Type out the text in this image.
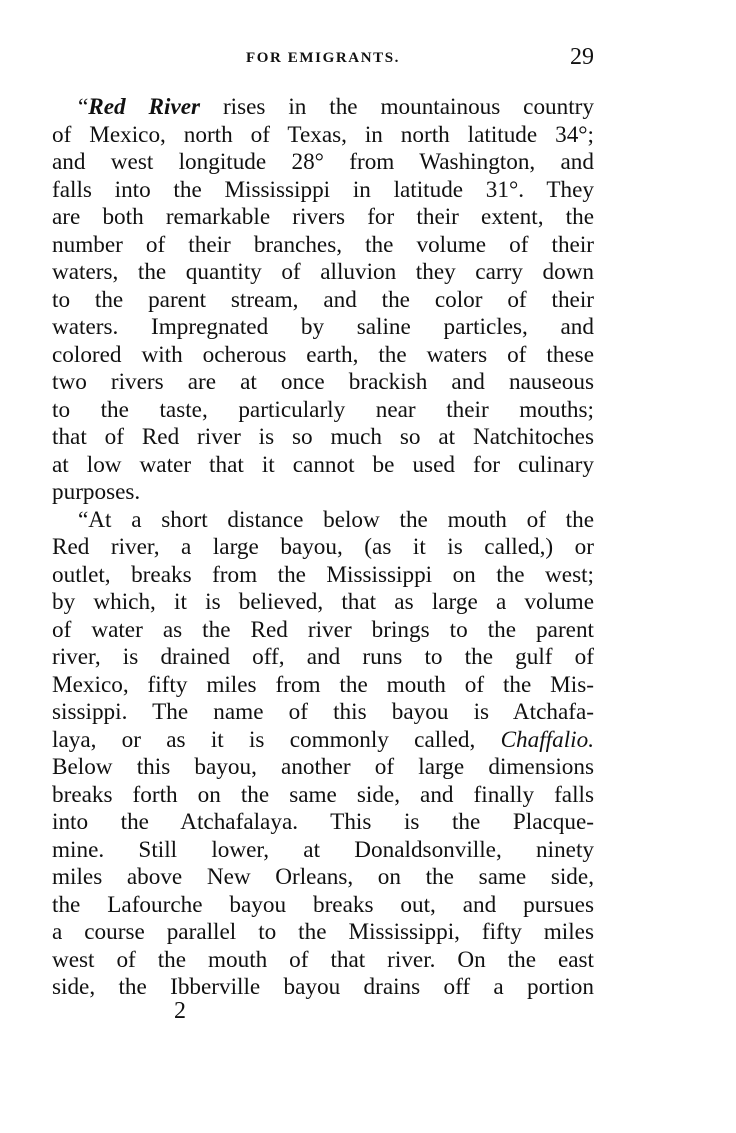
FOR EMIGRANTS.	29
“Red River rises in the mountainous country
of Mexico, north of Texas, in north latitude 34°;
and west longitude 28° from Washington, and
falls into the Mississippi in latitude 31°. They
are both remarkable rivers for their extent, the
number of their branches, the volume of their
waters, the quantity of alluvion they carry down
to the parent stream, and the color of their
waters. Impregnated by saline particles, and
colored with ocherous earth, the waters of these
two rivers are at once brackish and nauseous
to the taste, particularly near their mouths;
that of Red river is so much so at Natchitoches
at low water that it cannot be used for culinary
purposes.
“At a short distance below the mouth of the
Red river, a large bayou, (as it is called,) or
outlet, breaks from the Mississippi on the west;
by which, it is believed, that as large a volume
of water as the Red river brings to the parent
river, is drained off, and runs to the gulf of
Mexico, fifty miles from the mouth of the Mis-
sissippi. The name of this bayou is Atchafa-
laya, or as it is commonly called, Chaffalio.
Below this bayou, another of large dimensions
breaks forth on the same side, and finally falls
into the Atchafalaya. This is the Placque-
mine. Still lower, at Donaldsonville, ninety
miles above New Orleans, on the same side,
the Lafourche bayou breaks out, and pursues
a course parallel to the Mississippi, fifty miles
west of the mouth of that river. On the east
side, the Ibberville bayou drains off a portion
2
